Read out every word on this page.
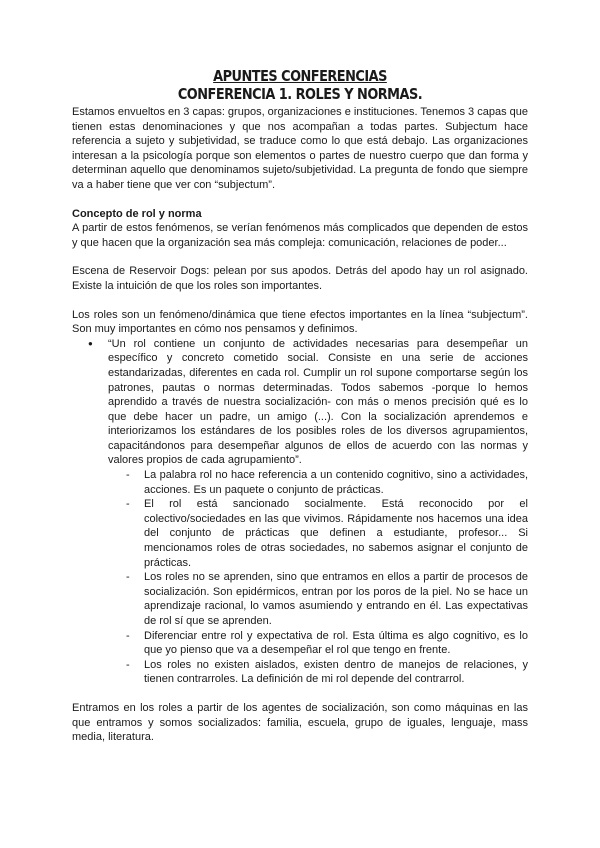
APUNTES CONFERENCIAS
CONFERENCIA 1. ROLES Y NORMAS.

Estamos envueltos en 3 capas: grupos, organizaciones e instituciones. Tenemos 3 capas que tienen estas denominaciones y que nos acompañan a todas partes. Subjectum hace referencia a sujeto y subjetividad, se traduce como lo que está debajo. Las organizaciones interesan a la psicología porque son elementos o partes de nuestro cuerpo que dan forma y determinan aquello que denominamos sujeto/subjetividad. La pregunta de fondo que siempre va a haber tiene que ver con “subjectum”.

Concepto de rol y norma

A partir de estos fenómenos, se verían fenómenos más complicados que dependen de estos y que hacen que la organización sea más compleja: comunicación, relaciones de poder...

Escena de Reservoir Dogs: pelean por sus apodos. Detrás del apodo hay un rol asignado. Existe la intuición de que los roles son importantes.

Los roles son un fenómeno/dinámica que tiene efectos importantes en la línea “subjectum”. Son muy importantes en cómo nos pensamos y definimos.

● “Un rol contiene un conjunto de actividades necesarias para desempeñar un específico y concreto cometido social. Consiste en una serie de acciones estandarizadas, diferentes en cada rol. Cumplir un rol supone comportarse según los patrones, pautas o normas determinadas. Todos sabemos -porque lo hemos aprendido a través de nuestra socialización- con más o menos precisión qué es lo que debe hacer un padre, un amigo (...). Con la socialización aprendemos e interiorizamos los estándares de los posibles roles de los diversos agrupamientos, capacitándonos para desempeñar algunos de ellos de acuerdo con las normas y valores propios de cada agrupamiento”.
- La palabra rol no hace referencia a un contenido cognitivo, sino a actividades, acciones. Es un paquete o conjunto de prácticas.
- El rol está sancionado socialmente. Está reconocido por el colectivo/sociedades en las que vivimos. Rápidamente nos hacemos una idea del conjunto de prácticas que definen a estudiante, profesor... Si mencionamos roles de otras sociedades, no sabemos asignar el conjunto de prácticas.
- Los roles no se aprenden, sino que entramos en ellos a partir de procesos de socialización. Son epidérmicos, entran por los poros de la piel. No se hace un aprendizaje racional, lo vamos asumiendo y entrando en él. Las expectativas de rol sí que se aprenden.
- Diferenciar entre rol y expectativa de rol. Esta última es algo cognitivo, es lo que yo pienso que va a desempeñar el rol que tengo en frente.
- Los roles no existen aislados, existen dentro de manejos de relaciones, y tienen contrarroles. La definición de mi rol depende del contrarrol.

Entramos en los roles a partir de los agentes de socialización, son como máquinas en las que entramos y somos socializados: familia, escuela, grupo de iguales, lenguaje, mass media, literatura.
